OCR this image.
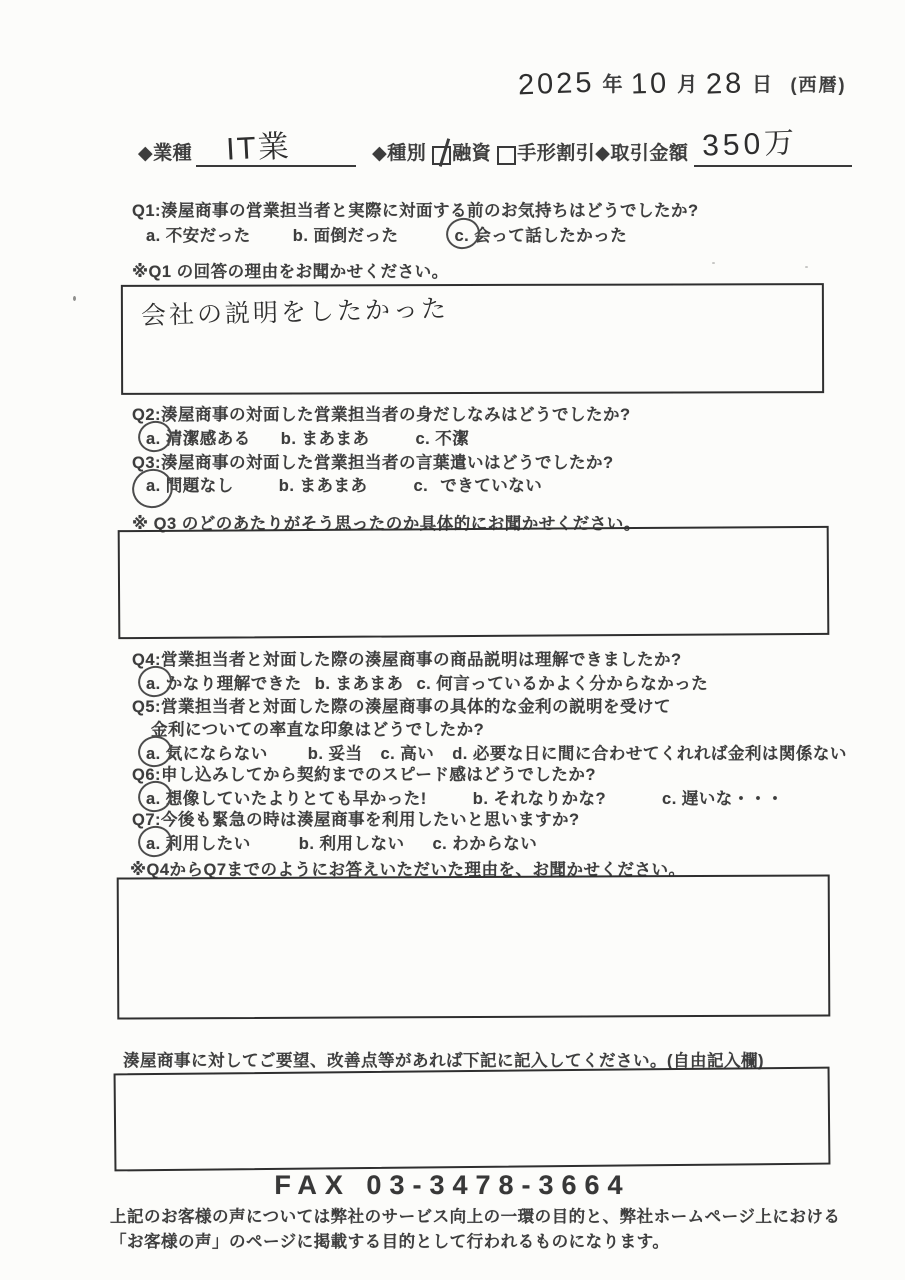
2025 年 10 月 28 日 (西暦)
◆業種 IT業	◆種別 融資 手形割引 ◆取引金額 350万
Q1:湊屋商事の営業担当者と実際に対面する前のお気持ちはどうでしたか?
a. 不安だった	b. 面倒だった	c. 会って話したかった
※Q1 の回答の理由をお聞かせください。
会社の説明をしたかった
Q2:湊屋商事の対面した営業担当者の身だしなみはどうでしたか?
a. 清潔感ある b. まあまあ	c. 不潔
Q3:湊屋商事の対面した営業担当者の言葉遣いはどうでしたか?
a. 問題なし	b. まあまあ	c. できていない
※ Q3 のどのあたりがそう思ったのか具体的にお聞かせください。
Q4:営業担当者と対面した際の湊屋商事の商品説明は理解できましたか?
a. かなり理解できた b. まあまあ c. 何言っているかよく分からなかった
Q5:営業担当者と対面した際の湊屋商事の具体的な金利の説明を受けて
金利についての率直な印象はどうでしたか?
a. 気にならない b. 妥当 c. 高い d. 必要な日に間に合わせてくれれば金利は関係ない
Q6:申し込みしてから契約までのスピード感はどうでしたか?
a. 想像していたよりとても早かった!	b. それなりかな?	c. 遅いな・・・
Q7:今後も緊急の時は湊屋商事を利用したいと思いますか?
a. 利用したい	b. 利用しない c. わからない
※Q4からQ7までのようにお答えいただいた理由を、お聞かせください。
湊屋商事に対してご要望、改善点等があれば下記に記入してください。(自由記入欄)
FAX 03-3478-3664
上記のお客様の声については弊社のサービス向上の一環の目的と、弊社ホームページ上における
「お客様の声」のページに掲載する目的として行われるものになります。
